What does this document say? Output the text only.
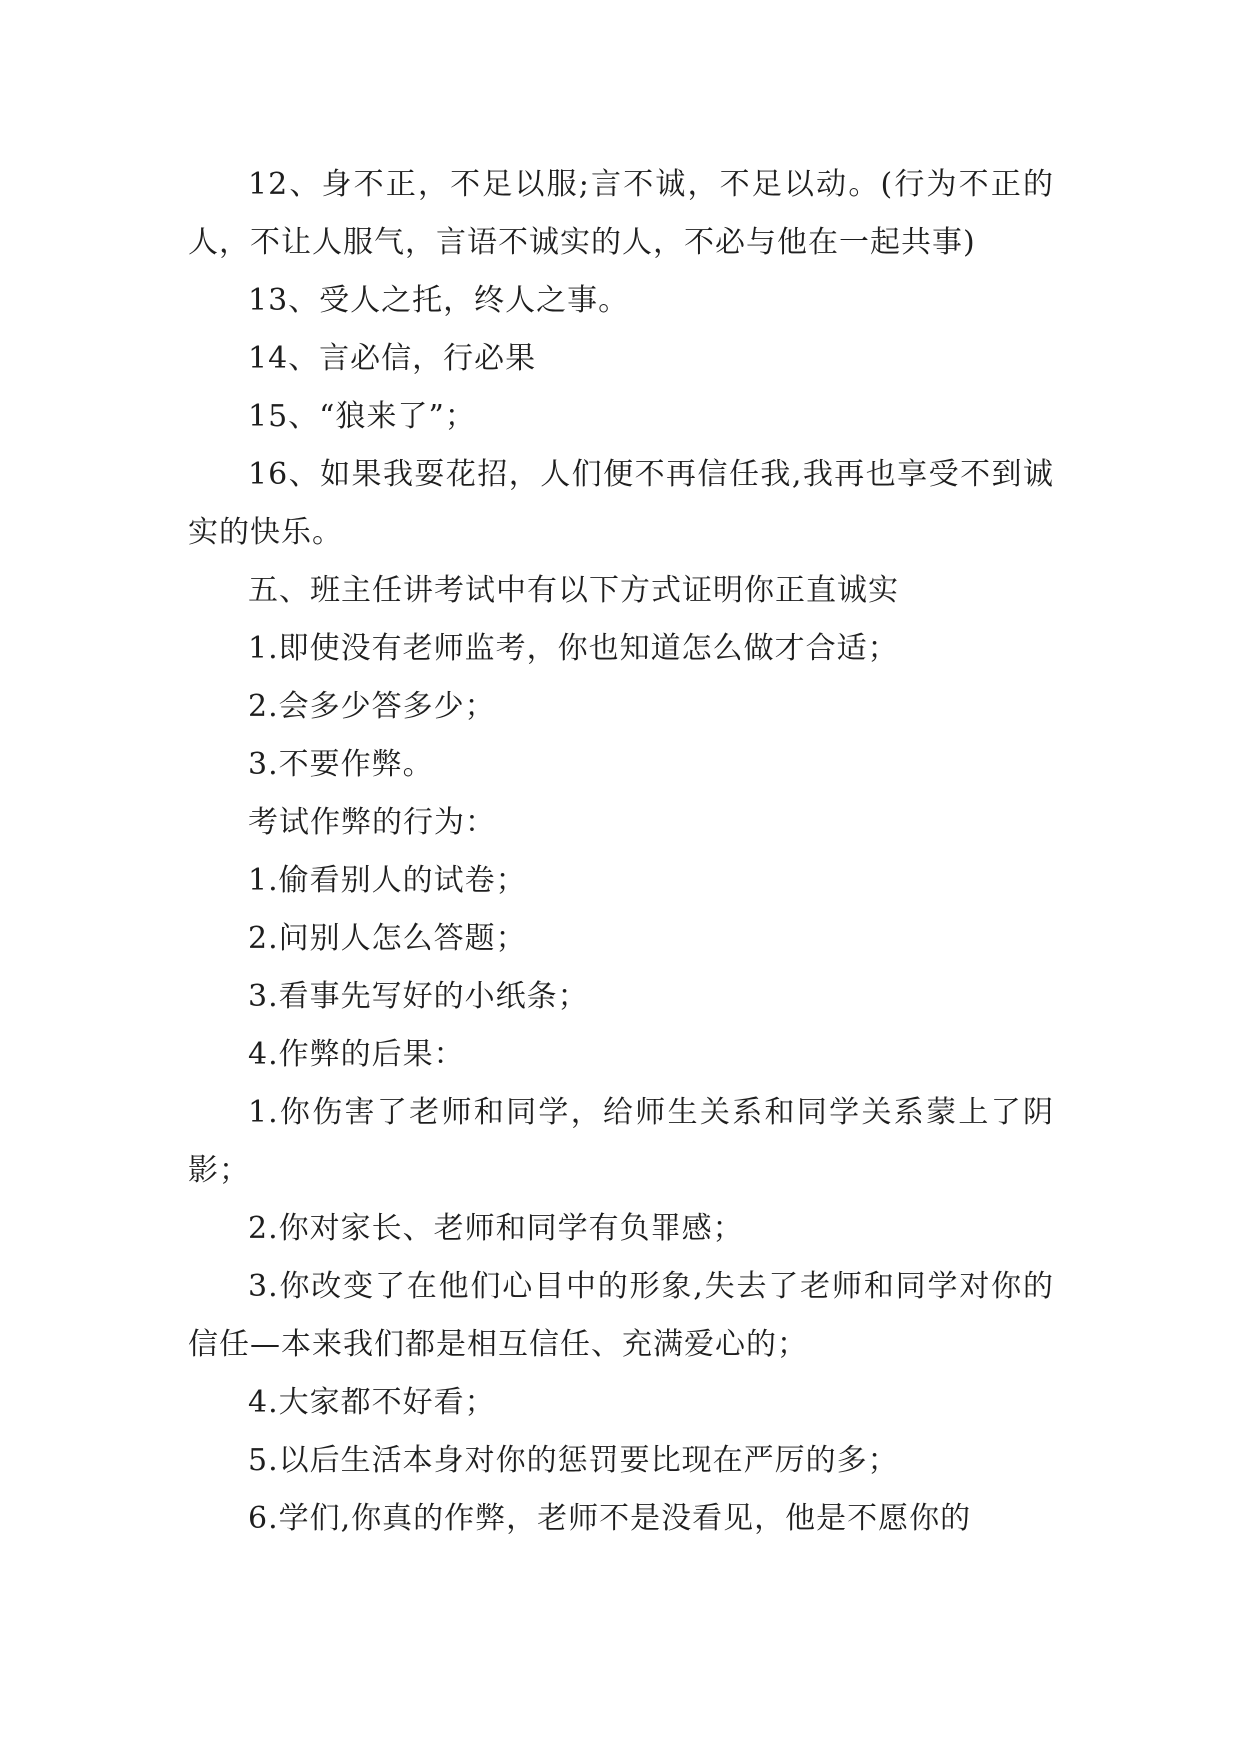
12、身不正，不足以服;言不诚，不足以动。(行为不正的人，不让人服气，言语不诚实的人，不必与他在一起共事)

13、受人之托，终人之事。

14、言必信，行必果

15、“狼来了”；

16、如果我耍花招，人们便不再信任我,我再也享受不到诚实的快乐。

五、班主任讲考试中有以下方式证明你正直诚实

1.即使没有老师监考，你也知道怎么做才合适；

2.会多少答多少；

3.不要作弊。

考试作弊的行为：

1.偷看别人的试卷；

2.问别人怎么答题；

3.看事先写好的小纸条；

4.作弊的后果：

1.你伤害了老师和同学，给师生关系和同学关系蒙上了阴影；

2.你对家长、老师和同学有负罪感；

3.你改变了在他们心目中的形象,失去了老师和同学对你的信任—本来我们都是相互信任、充满爱心的；

4.大家都不好看；

5.以后生活本身对你的惩罚要比现在严厉的多；

6.学们,你真的作弊，老师不是没看见，他是不愿你的
